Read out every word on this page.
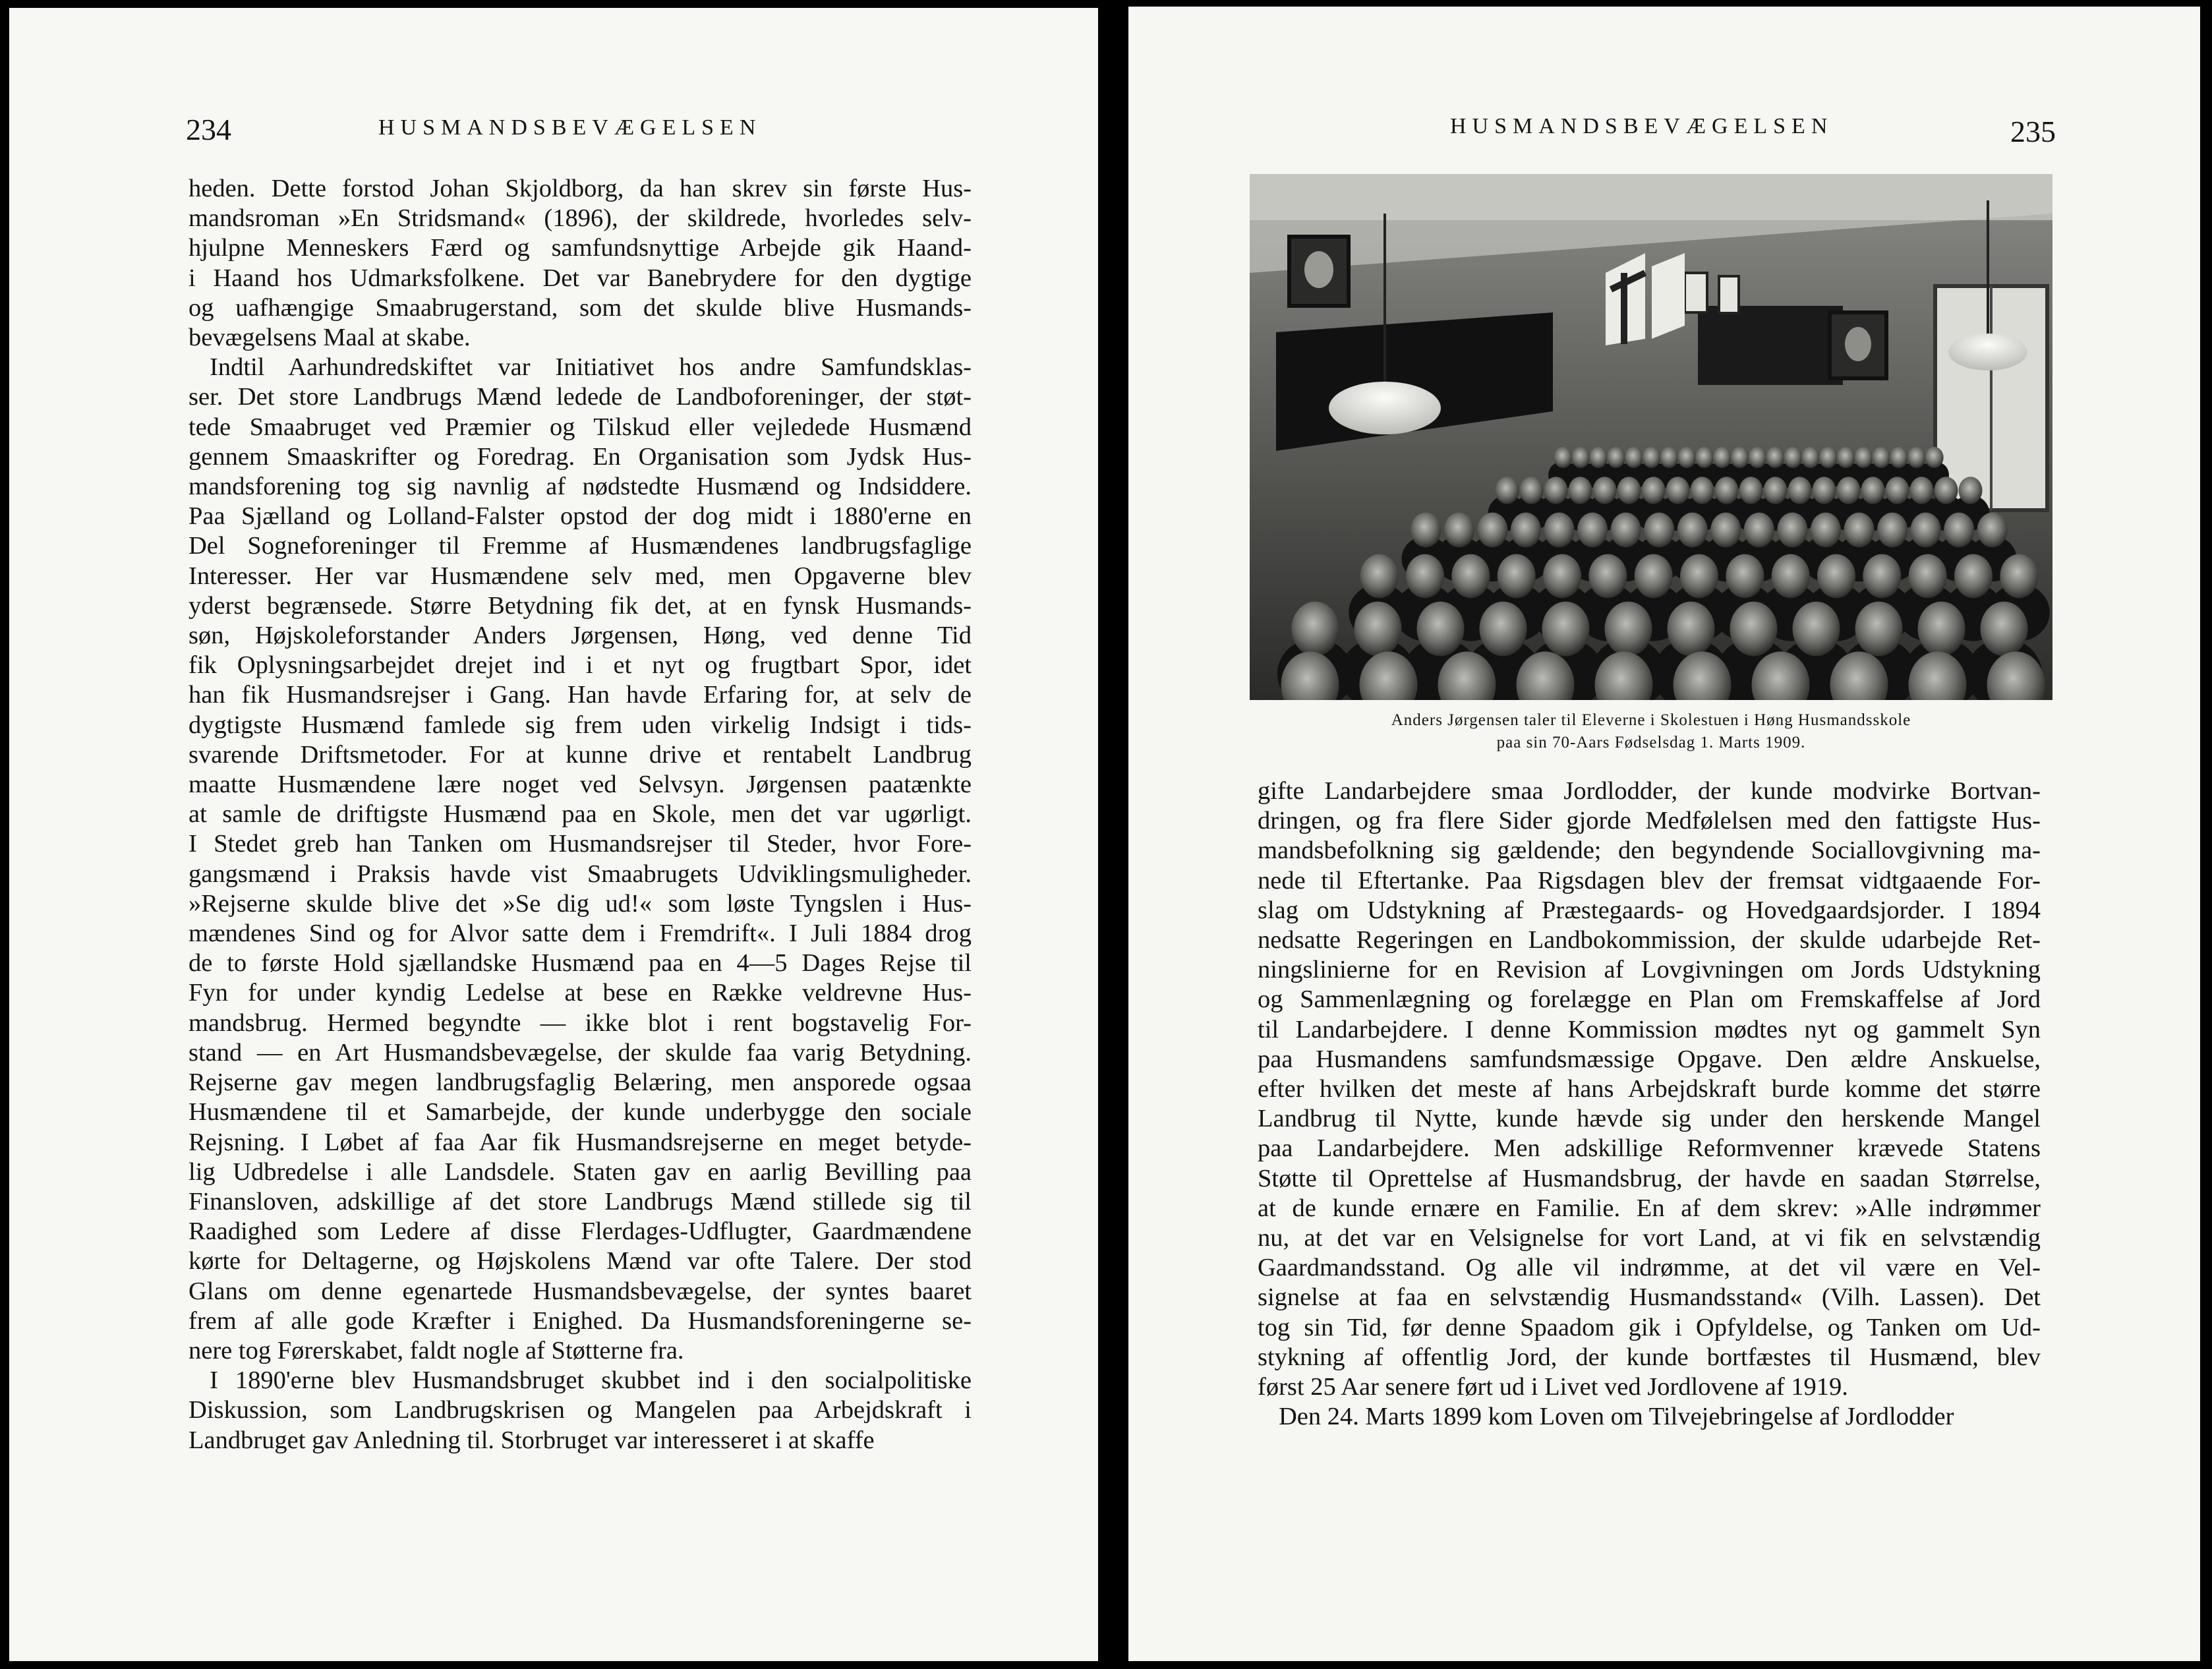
234	HUSMANDSBEVÆGELSEN
heden. Dette forstod Johan Skjoldborg, da han skrev sin første Hus-
mandsroman »En Stridsmand« (1896), der skildrede, hvorledes selv-
hjulpne Menneskers Færd og samfundsnyttige Arbejde gik Haand-
i Haand hos Udmarksfolkene. Det var Banebrydere for den dygtige
og uafhængige Smaabrugerstand, som det skulde blive Husmands-
bevægelsens Maal at skabe.
Indtil Aarhundredskiftet var Initiativet hos andre Samfundsklas-
ser. Det store Landbrugs Mænd ledede de Landboforeninger, der støt-
tede Smaabruget ved Præmier og Tilskud eller vejledede Husmænd
gennem Smaaskrifter og Foredrag. En Organisation som Jydsk Hus-
mandsforening tog sig navnlig af nødstedte Husmænd og Indsiddere.
Paa Sjælland og Lolland-Falster opstod der dog midt i 1880'erne en
Del Sogneforeninger til Fremme af Husmændenes landbrugsfaglige
Interesser. Her var Husmændene selv med, men Opgaverne blev
yderst begrænsede. Større Betydning fik det, at en fynsk Husmands-
søn, Højskoleforstander Anders Jørgensen, Høng, ved denne Tid
fik Oplysningsarbejdet drejet ind i et nyt og frugtbart Spor, idet
han fik Husmandsrejser i Gang. Han havde Erfaring for, at selv de
dygtigste Husmænd famlede sig frem uden virkelig Indsigt i tids-
svarende Driftsmetoder. For at kunne drive et rentabelt Landbrug
maatte Husmændene lære noget ved Selvsyn. Jørgensen paatænkte
at samle de driftigste Husmænd paa en Skole, men det var ugørligt.
I Stedet greb han Tanken om Husmandsrejser til Steder, hvor Fore-
gangsmænd i Praksis havde vist Smaabrugets Udviklingsmuligheder.
»Rejserne skulde blive det »Se dig ud!« som løste Tyngslen i Hus-
mændenes Sind og for Alvor satte dem i Fremdrift«. I Juli 1884 drog
de to første Hold sjællandske Husmænd paa en 4—5 Dages Rejse til
Fyn for under kyndig Ledelse at bese en Række veldrevne Hus-
mandsbrug. Hermed begyndte — ikke blot i rent bogstavelig For-
stand — en Art Husmandsbevægelse, der skulde faa varig Betydning.
Rejserne gav megen landbrugsfaglig Belæring, men ansporede ogsaa
Husmændene til et Samarbejde, der kunde underbygge den sociale
Rejsning. I Løbet af faa Aar fik Husmandsrejserne en meget betyde-
lig Udbredelse i alle Landsdele. Staten gav en aarlig Bevilling paa
Finansloven, adskillige af det store Landbrugs Mænd stillede sig til
Raadighed som Ledere af disse Flerdages-Udflugter, Gaardmændene
kørte for Deltagerne, og Højskolens Mænd var ofte Talere. Der stod
Glans om denne egenartede Husmandsbevægelse, der syntes baaret
frem af alle gode Kræfter i Enighed. Da Husmandsforeningerne se-
nere tog Førerskabet, faldt nogle af Støtterne fra.
I 1890'erne blev Husmandsbruget skubbet ind i den socialpolitiske
Diskussion, som Landbrugskrisen og Mangelen paa Arbejdskraft i
Landbruget gav Anledning til. Storbruget var interesseret i at skaffe
HUSMANDSBEVÆGELSEN	235
Anders Jørgensen taler til Eleverne i Skolestuen i Høng Husmandsskole
paa sin 70-Aars Fødselsdag 1. Marts 1909.
gifte Landarbejdere smaa Jordlodder, der kunde modvirke Bortvan-
dringen, og fra flere Sider gjorde Medfølelsen med den fattigste Hus-
mandsbefolkning sig gældende; den begyndende Sociallovgivning ma-
nede til Eftertanke. Paa Rigsdagen blev der fremsat vidtgaaende For-
slag om Udstykning af Præstegaards- og Hovedgaardsjorder. I 1894
nedsatte Regeringen en Landbokommission, der skulde udarbejde Ret-
ningslinierne for en Revision af Lovgivningen om Jords Udstykning
og Sammenlægning og forelægge en Plan om Fremskaffelse af Jord
til Landarbejdere. I denne Kommission mødtes nyt og gammelt Syn
paa Husmandens samfundsmæssige Opgave. Den ældre Anskuelse,
efter hvilken det meste af hans Arbejdskraft burde komme det større
Landbrug til Nytte, kunde hævde sig under den herskende Mangel
paa Landarbejdere. Men adskillige Reformvenner krævede Statens
Støtte til Oprettelse af Husmandsbrug, der havde en saadan Størrelse,
at de kunde ernære en Familie. En af dem skrev: »Alle indrømmer
nu, at det var en Velsignelse for vort Land, at vi fik en selvstændig
Gaardmandsstand. Og alle vil indrømme, at det vil være en Vel-
signelse at faa en selvstændig Husmandsstand« (Vilh. Lassen). Det
tog sin Tid, før denne Spaadom gik i Opfyldelse, og Tanken om Ud-
stykning af offentlig Jord, der kunde bortfæstes til Husmænd, blev
først 25 Aar senere ført ud i Livet ved Jordlovene af 1919.
Den 24. Marts 1899 kom Loven om Tilvejebringelse af Jordlodder
